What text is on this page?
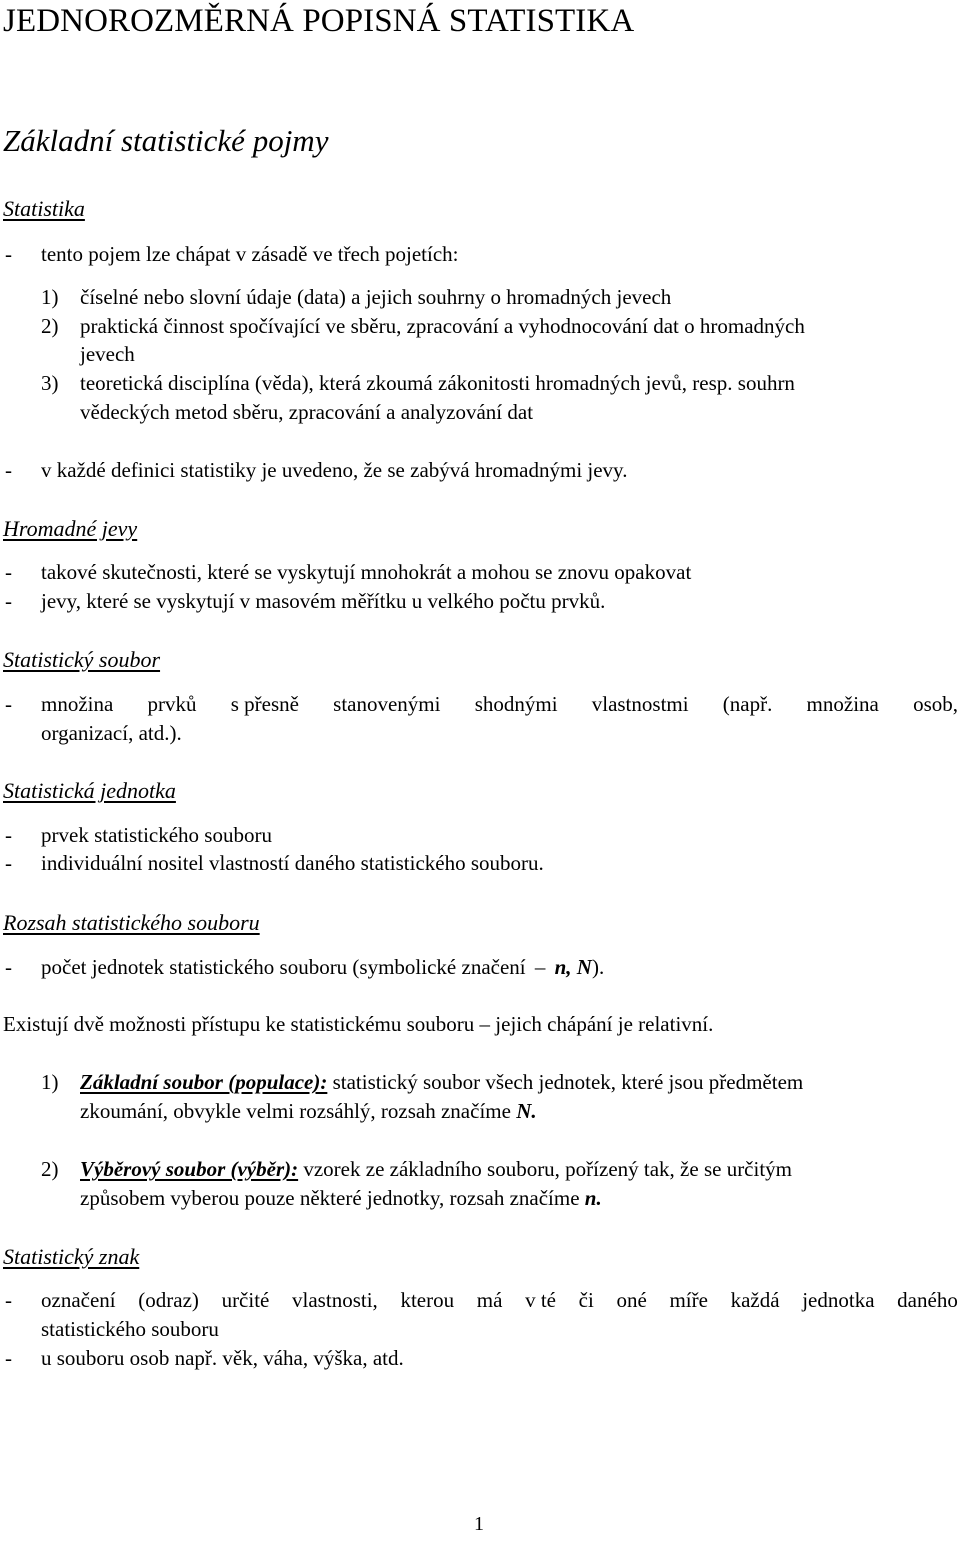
JEDNOROZMĚRNÁ POPISNÁ STATISTIKA
Základní statistické pojmy
Statistika
- tento pojem lze chápat v zásadě ve třech pojetích:
1) číselné nebo slovní údaje (data) a jejich souhrny o hromadných jevech
2) praktická činnost spočívající ve sběru, zpracování a vyhodnocování dat o hromadných
jevech
3) teoretická disciplína (věda), která zkoumá zákonitosti hromadných jevů, resp. souhrn
vědeckých metod sběru, zpracování a analyzování dat
- v každé definici statistiky je uvedeno, že se zabývá hromadnými jevy.
Hromadné jevy
- takové skutečnosti, které se vyskytují mnohokrát a mohou se znovu opakovat
- jevy, které se vyskytují v masovém měřítku u velkého počtu prvků.
Statistický soubor
- množina prvků s přesně stanovenými shodnými vlastnostmi (např. množina osob,
organizací, atd.).
Statistická jednotka
- prvek statistického souboru
- individuální nositel vlastností daného statistického souboru.
Rozsah statistického souboru
- počet jednotek statistického souboru (symbolické značení – n, N).
Existují dvě možnosti přístupu ke statistickému souboru – jejich chápání je relativní.
1) Základní soubor (populace): statistický soubor všech jednotek, které jsou předmětem
zkoumání, obvykle velmi rozsáhlý, rozsah značíme N.
2) Výběrový soubor (výběr): vzorek ze základního souboru, pořízený tak, že se určitým
způsobem vyberou pouze některé jednotky, rozsah značíme n.
Statistický znak
- označení (odraz) určité vlastnosti, kterou má v té či oné míře každá jednotka daného
statistického souboru
- u souboru osob např. věk, váha, výška, atd.
1
